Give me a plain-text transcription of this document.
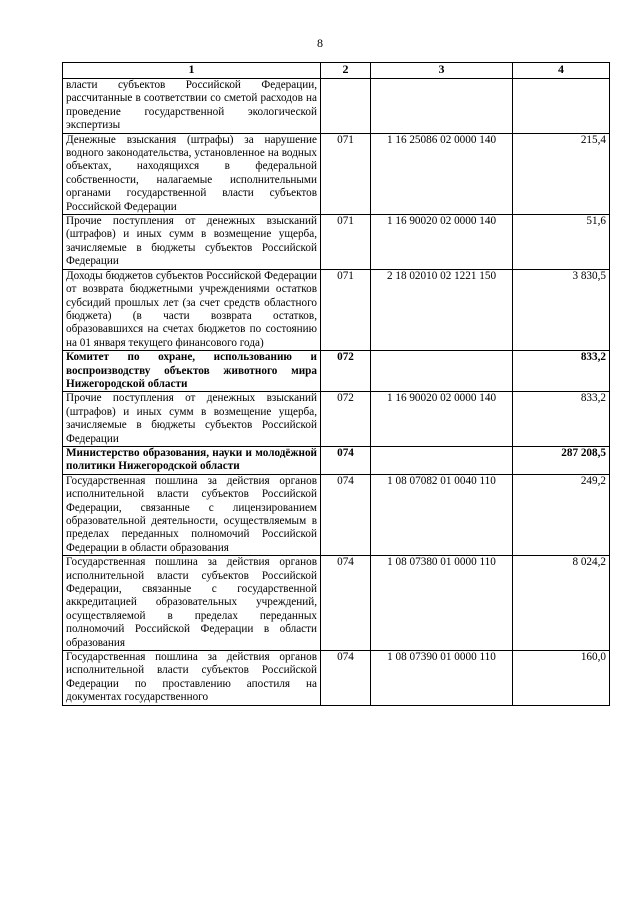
8
1	2	3	4
власти субъектов Российской Федерации, рассчитанные в соответствии со сметой расходов на проведение государственной экологической экспертизы			
Денежные взыскания (штрафы) за нарушение водного законодательства, установленное на водных объектах, находящихся в федеральной собственности, налагаемые исполнительными органами государственной власти субъектов Российской Федерации	071	1 16 25086 02 0000 140	215,4
Прочие поступления от денежных взысканий (штрафов) и иных сумм в возмещение ущерба, зачисляемые в бюджеты субъектов Российской Федерации	071	1 16 90020 02 0000 140	51,6
Доходы бюджетов субъектов Российской Федерации от возврата бюджетными учреждениями остатков субсидий прошлых лет (за счет средств областного бюджета) (в части возврата остатков, образовавшихся на счетах бюджетов по состоянию на 01 января текущего финансового года)	071	2 18 02010 02 1221 150	3 830,5
Комитет по охране, использованию и воспроизводству объектов животного мира Нижегородской области	072		833,2
Прочие поступления от денежных взысканий (штрафов) и иных сумм в возмещение ущерба, зачисляемые в бюджеты субъектов Российской Федерации	072	1 16 90020 02 0000 140	833,2
Министерство образования, науки и молодёжной политики Нижегородской области	074		287 208,5
Государственная пошлина за действия органов исполнительной власти субъектов Российской Федерации, связанные с лицензированием образовательной деятельности, осуществляемым в пределах переданных полномочий Российской Федерации в области образования	074	1 08 07082 01 0040 110	249,2
Государственная пошлина за действия органов исполнительной власти субъектов Российской Федерации, связанные с государственной аккредитацией образовательных учреждений, осуществляемой в пределах переданных полномочий Российской Федерации в области образования	074	1 08 07380 01 0000 110	8 024,2
Государственная пошлина за действия органов исполнительной власти субъектов Российской Федерации по проставлению апостиля на документах государственного	074	1 08 07390 01 0000 110	160,0
